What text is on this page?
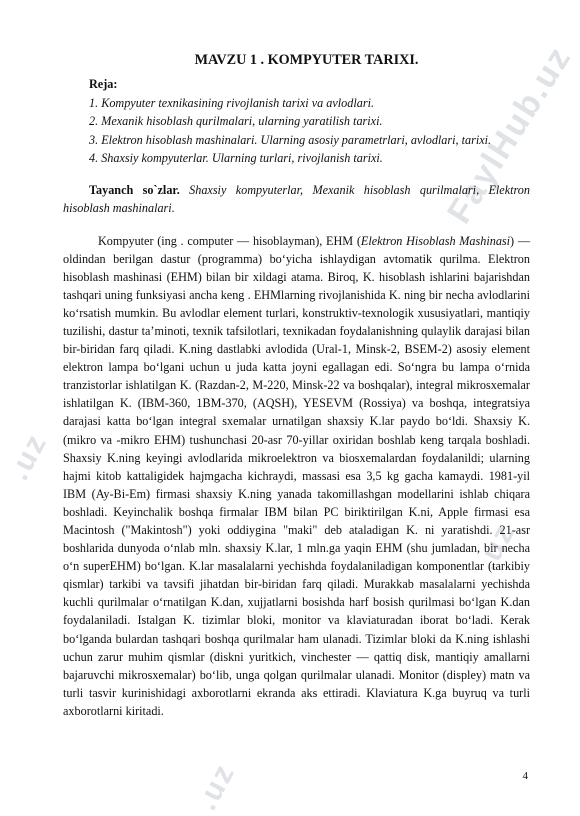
FaylHub.uz
.uz
.uz
.uz
MAVZU 1 . KOMPYUTER TARIXI.
Reja:
1. Kompyuter texnikasining rivojlanish tarixi va avlodlari.
2. Mexanik hisoblash qurilmalari, ularning yaratilish tarixi.
3. Elektron hisoblash mashinalari. Ularning asosiy parametrlari, avlodlari, tarixi.
4. Shaxsiy kompyuterlar. Ularning turlari, rivojlanish tarixi.
Tayanch so`zlar. Shaxsiy kompyuterlar, Mexanik hisoblash qurilmalari, Elektron hisoblash mashinalari.
Kompyuter (ing . computer — hisoblayman), EHM (Elektron Hisoblash Mashinasi) — oldindan berilgan dastur (programma) bo‘yicha ishlaydigan avtomatik qurilma. Elektron hisoblash mashinasi (EHM) bilan bir xildagi atama. Biroq, K. hisoblash ishlarini bajarishdan tashqari uning funksiyasi ancha keng . EHMlarning rivojlanishida K. ning bir necha avlodlarini ko‘rsatish mumkin. Bu avlodlar element turlari, konstruktiv-texnologik xususiyatlari, mantiqiy tuzilishi, dastur ta’minoti, texnik tafsilotlari, texnikadan foydalanishning qulaylik darajasi bilan bir-biridan farq qiladi. K.ning dastlabki avlodida (Ural-1, Minsk-2, BSEM-2) asosiy element elektron lampa bo‘lgani uchun u juda katta joyni egallagan edi. So‘ngra bu lampa o‘rnida tranzistorlar ishlatilgan K. (Razdan-2, M-220, Minsk-22 va boshqalar), integral mikrosxemalar ishlatilgan K. (IBM-360, 1BM-370, (AQSH), YESEVM (Rossiya) va boshqa, integratsiya darajasi katta bo‘lgan integral sxemalar urnatilgan shaxsiy K.lar paydo bo‘ldi. Shaxsiy K. (mikro va -mikro EHM) tushunchasi 20-asr 70-yillar oxiridan boshlab keng tarqala boshladi. Shaxsiy K.ning keyingi avlodlarida mikroelektron va biosxemalardan foydalanildi; ularning hajmi kitob kattaligidek hajmgacha kichraydi, massasi esa 3,5 kg gacha kamaydi. 1981-yil IBM (Ay-Bi-Em) firmasi shaxsiy K.ning yanada takomillashgan modellarini ishlab chiqara boshladi. Keyinchalik boshqa firmalar IBM bilan PC biriktirilgan K.ni, Apple firmasi esa Macintosh ("Makintosh") yoki oddiygina "maki" deb ataladigan K. ni yaratishdi. 21-asr boshlarida dunyoda o‘nlab mln. shaxsiy K.lar, 1 mln.ga yaqin EHM (shu jumladan, bir necha o‘n superEHM) bo‘lgan. K.lar masalalarni yechishda foydalaniladigan komponentlar (tarkibiy qismlar) tarkibi va tavsifi jihatdan bir-biridan farq qiladi. Murakkab masalalarni yechishda kuchli qurilmalar o‘rnatilgan K.dan, xujjatlarni bosishda harf bosish qurilmasi bo‘lgan K.dan foydalaniladi. Istalgan K. tizimlar bloki, monitor va klaviaturadan iborat bo‘ladi. Kerak bo‘lganda bulardan tashqari boshqa qurilmalar ham ulanadi. Tizimlar bloki da K.ning ishlashi uchun zarur muhim qismlar (diskni yuritkich, vinchester — qattiq disk, mantiqiy amallarni bajaruvchi mikrosxemalar) bo‘lib, unga qolgan qurilmalar ulanadi. Monitor (displey) matn va turli tasvir kurinishidagi axborotlarni ekranda aks ettiradi. Klaviatura K.ga buyruq va turli axborotlarni kiritadi.
4
